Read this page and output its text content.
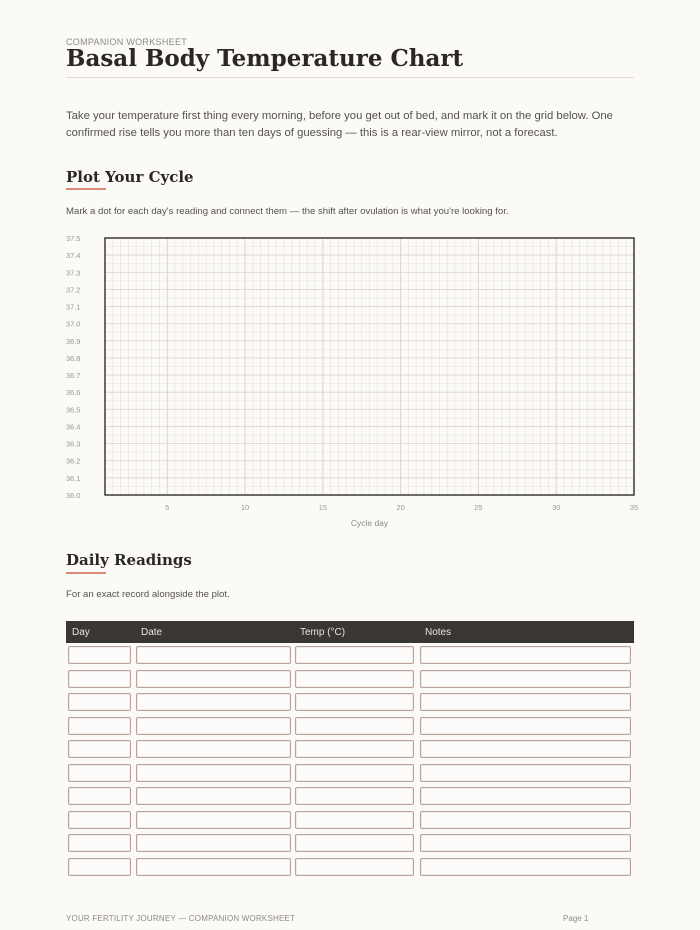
COMPANION WORKSHEET
Basal Body Temperature Chart

Take your temperature first thing every morning, before you get out of bed, and mark it on the grid below. One confirmed rise tells you more than ten days of guessing — this is a rear-view mirror, not a forecast.

Plot Your Cycle
Mark a dot for each day's reading and connect them — the shift after ovulation is what you're looking for.
37.5
37.4
37.3
37.2
37.1
37.0
36.9
36.8
36.7
36.6
36.5
36.4
36.3
36.2
36.1
36.0
5	10	15	20	25	30	35
Cycle day
Daily Readings
For an exact record alongside the plot.
Day	Date	Temp (°C)	Notes
YOUR FERTILITY JOURNEY — COMPANION WORKSHEET	Page 1
